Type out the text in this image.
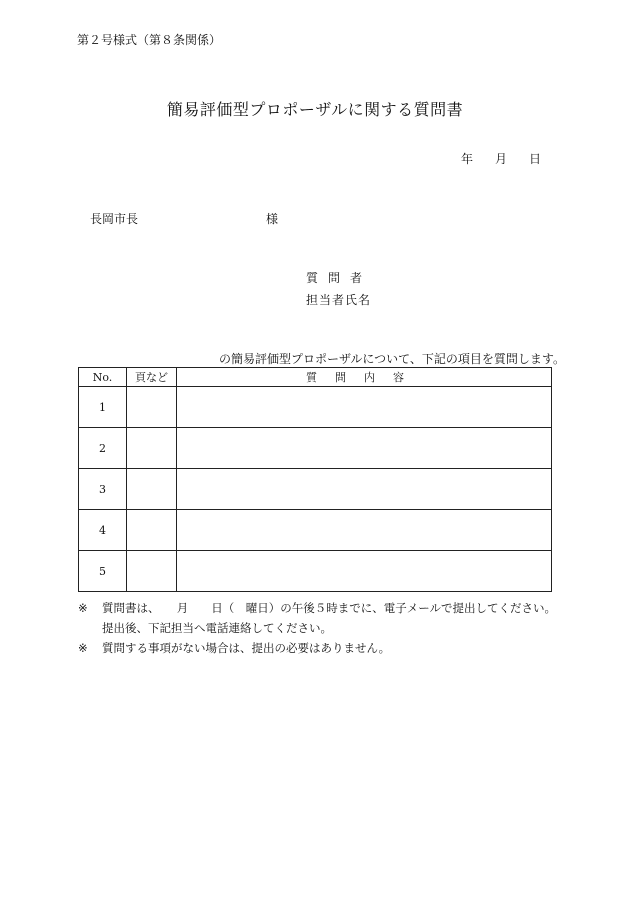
第２号様式（第８条関係）
簡易評価型プロポーザルに関する質問書
年 月 日
長岡市長	様
質問者
担当者氏名
の簡易評価型プロポーザルについて、下記の項目を質問します。
No.	頁など	質問内容
1		
2		
3		
4		
5		
※ 質問書は、　　月　　日（　曜日）の午後５時までに、電子メールで提出してください。
提出後、下記担当へ電話連絡してください。
※ 質問する事項がない場合は、提出の必要はありません。
